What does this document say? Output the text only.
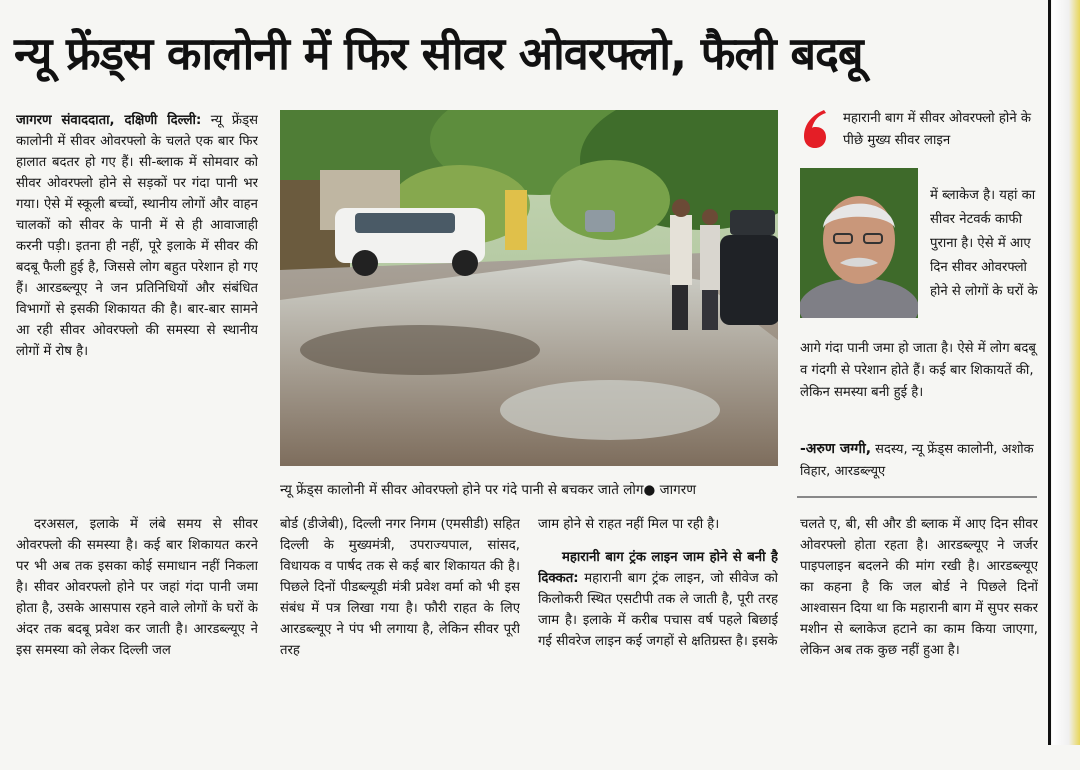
न्यू फ्रेंड्स कालोनी में फिर सीवर ओवरफ्लो, फैली बदबू

जागरण संवाददाता, दक्षिणी दिल्ली: न्यू फ्रेंड्स कालोनी में सीवर ओवरफ्लो के चलते एक बार फिर हालात बदतर हो गए हैं। सी-ब्लाक में सोमवार को सीवर ओवरफ्लो होने से सड़कों पर गंदा पानी भर गया। ऐसे में स्कूली बच्चों, स्थानीय लोगों और वाहन चालकों को सीवर के पानी में से ही आवाजाही करनी पड़ी। इतना ही नहीं, पूरे इलाके में सीवर की बदबू फैली हुई है, जिससे लोग बहुत परेशान हो गए हैं। आरडब्ल्यूए ने जन प्रतिनिधियों और संबंधित विभागों से इसकी शिकायत की है। बार-बार सामने आ रही सीवर ओवरफ्लो की समस्या से स्थानीय लोगों में रोष है।

दरअसल, इलाके में लंबे समय से सीवर ओवरफ्लो की समस्या है। कई बार शिकायत करने पर भी अब तक इसका कोई समाधान नहीं निकला है। सीवर ओवरफ्लो होने पर जहां गंदा पानी जमा होता है, उसके आसपास रहने वाले लोगों के घरों के अंदर तक बदबू प्रवेश कर जाती है। आरडब्ल्यूए ने इस समस्या को लेकर दिल्ली जल

न्यू फ्रेंड्स कालोनी में सीवर ओवरफ्लो होने पर गंदे पानी से बचकर जाते लोग● जागरण

बोर्ड (डीजेबी), दिल्ली नगर निगम (एमसीडी) सहित दिल्ली के मुख्यमंत्री, उपराज्यपाल, सांसद, विधायक व पार्षद तक से कई बार शिकायत की है। पिछले दिनों पीडब्ल्यूडी मंत्री प्रवेश वर्मा को भी इस संबंध में पत्र लिखा गया है। फौरी राहत के लिए आरडब्ल्यूए ने पंप भी लगाया है, लेकिन सीवर पूरी तरह

जाम होने से राहत नहीं मिल पा रही है।

महारानी बाग ट्रंक लाइन जाम होने से बनी है दिक्कत: महारानी बाग ट्रंक लाइन, जो सीवेज को किलोकरी स्थित एसटीपी तक ले जाती है, पूरी तरह जाम है। इलाके में करीब पचास वर्ष पहले बिछाई गई सीवरेज लाइन कई जगहों से क्षतिग्रस्त है। इसके

महारानी बाग में सीवर ओवरफ्लो होने के पीछे मुख्य सीवर लाइन
में ब्लाकेज है। यहां का सीवर नेटवर्क काफी पुराना है। ऐसे में आए दिन सीवर ओवरफ्लो होने से लोगों के घरों के
आगे गंदा पानी जमा हो जाता है। ऐसे में लोग बदबू व गंदगी से परेशान होते हैं। कई बार शिकायतें की, लेकिन समस्या बनी हुई है।
-अरुण जग्गी, सदस्य, न्यू फ्रेंड्स कालोनी, अशोक विहार, आरडब्ल्यूए

चलते ए, बी, सी और डी ब्लाक में आए दिन सीवर ओवरफ्लो होता रहता है। आरडब्ल्यूए ने जर्जर पाइपलाइन बदलने की मांग रखी है। आरडब्ल्यूए का कहना है कि जल बोर्ड ने पिछले दिनों आश्वासन दिया था कि महारानी बाग में सुपर सकर मशीन से ब्लाकेज हटाने का काम किया जाएगा, लेकिन अब तक कुछ नहीं हुआ है।
